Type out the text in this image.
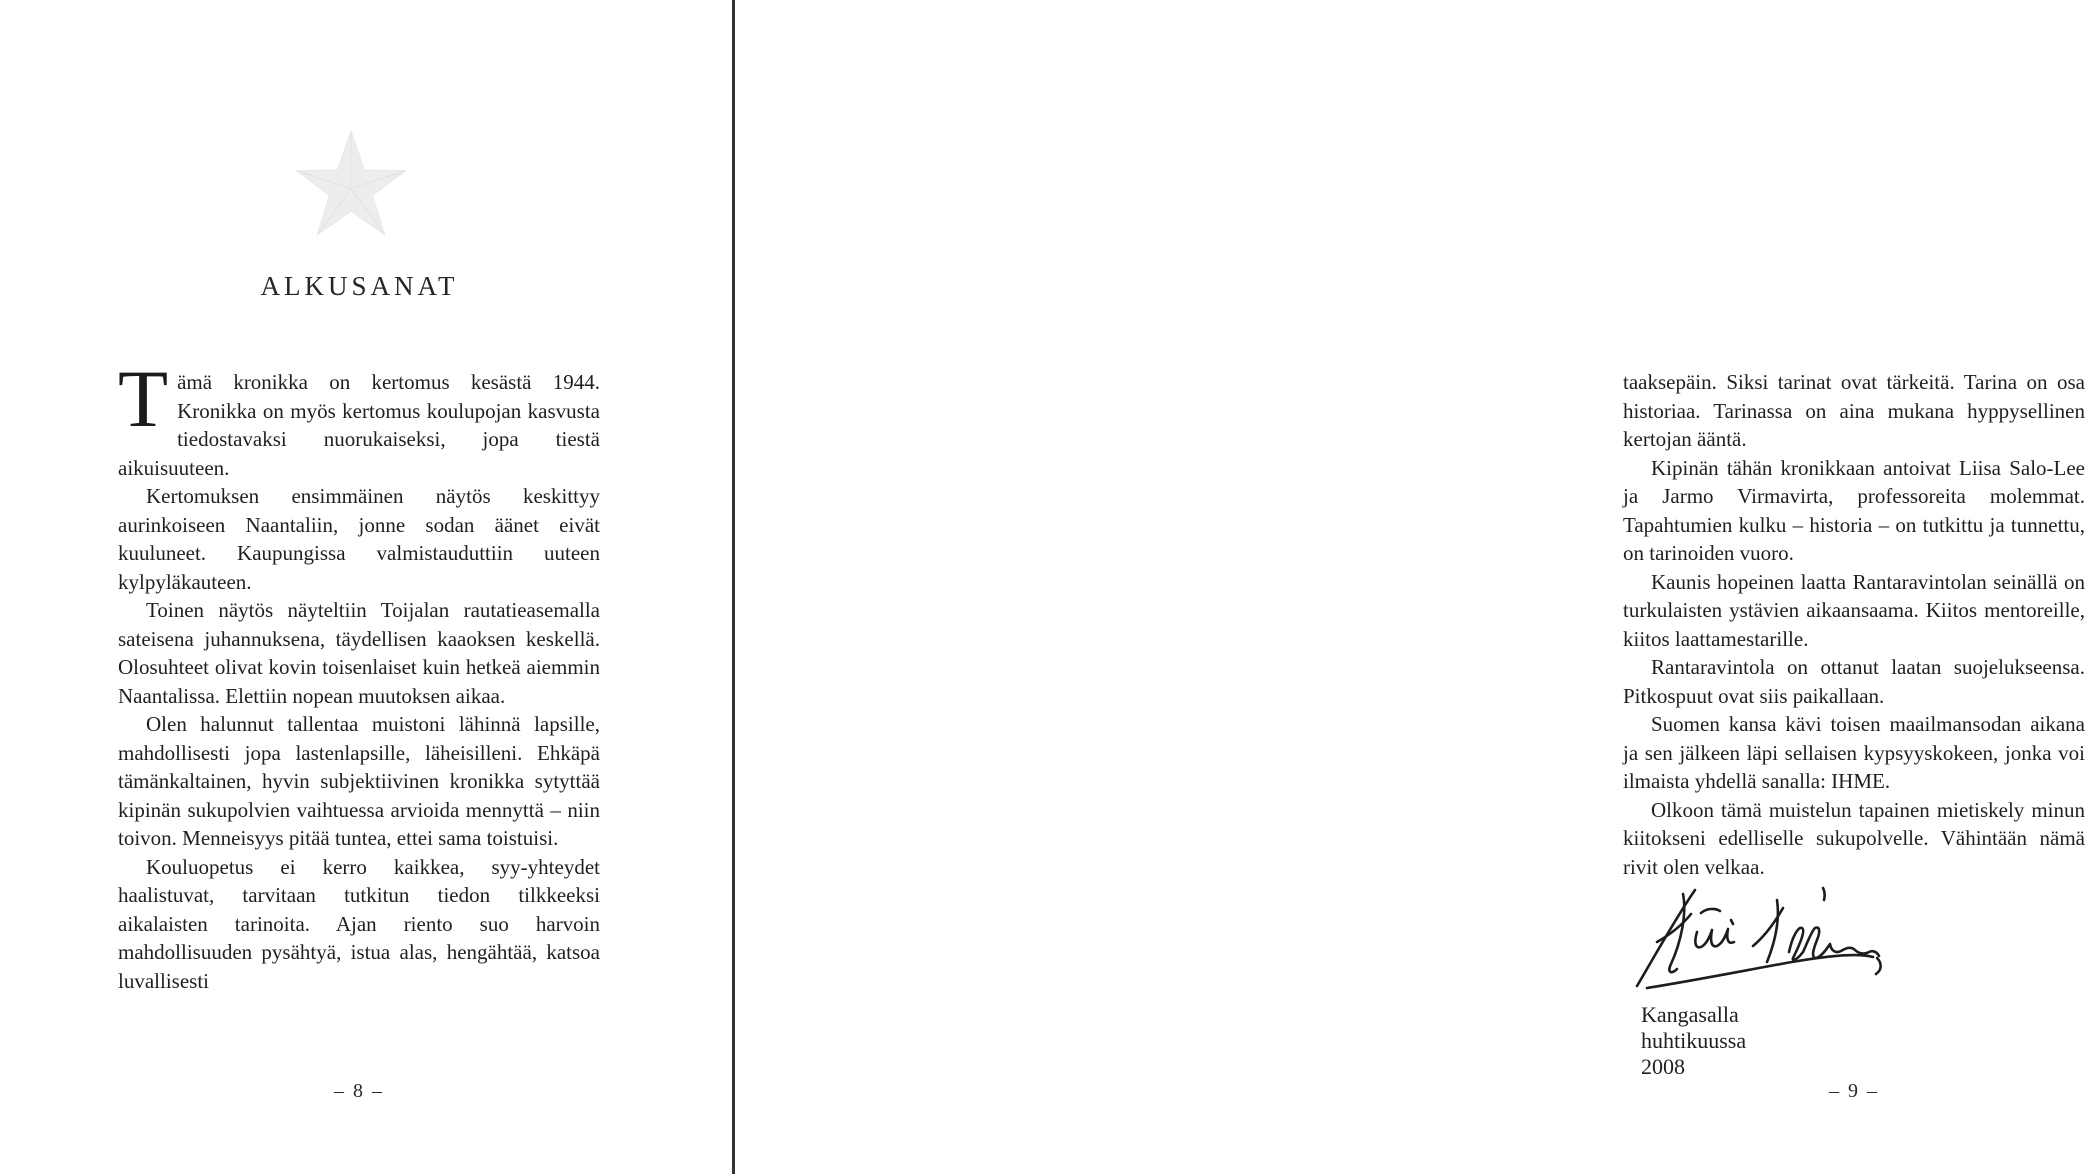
ALKUSANAT

Tämä kronikka on kertomus kesästä 1944. Kronikka on myös kertomus koulupojan kasvusta tiedostavaksi nuorukaiseksi, jopa tiestä aikuisuuteen.

Kertomuksen ensimmäinen näytös keskittyy aurinkoiseen Naantaliin, jonne sodan äänet eivät kuuluneet. Kaupungissa valmistauduttiin uuteen kylpyläkauteen.

Toinen näytös näyteltiin Toijalan rautatieasemalla sateisena juhannuksena, täydellisen kaaoksen keskellä. Olosuhteet olivat kovin toisenlaiset kuin hetkeä aiemmin Naantalissa. Elettiin nopean muutoksen aikaa.

Olen halunnut tallentaa muistoni lähinnä lapsille, mahdollisesti jopa lastenlapsille, läheisilleni. Ehkäpä tämänkaltainen, hyvin subjektiivinen kronikka sytyttää kipinän sukupolvien vaihtuessa arvioida mennyttä – niin toivon. Menneisyys pitää tuntea, ettei sama toistuisi.

Kouluopetus ei kerro kaikkea, syy-yhteydet haalistuvat, tarvitaan tutkitun tiedon tilkkeeksi aikalaisten tarinoita. Ajan riento suo harvoin mahdollisuuden pysähtyä, istua alas, hengähtää, katsoa luvallisesti

– 8 –

taaksepäin. Siksi tarinat ovat tärkeitä. Tarina on osa historiaa. Tarinassa on aina mukana hyppysellinen kertojan ääntä.

Kipinän tähän kronikkaan antoivat Liisa Salo-Lee ja Jarmo Virmavirta, professoreita molemmat. Tapahtumien kulku – historia – on tutkittu ja tunnettu, on tarinoiden vuoro.

Kaunis hopeinen laatta Rantaravintolan seinällä on turkulaisten ystävien aikaansaama. Kiitos mentoreille, kiitos laattamestarille.

Rantaravintola on ottanut laatan suojelukseensa. Pitkospuut ovat siis paikallaan.

Suomen kansa kävi toisen maailmansodan aikana ja sen jälkeen läpi sellaisen kypsyyskokeen, jonka voi ilmaista yhdellä sanalla: IHME.

Olkoon tämä muistelun tapainen mietiskely minun kiitokseni edelliselle sukupolvelle. Vähintään nämä rivit olen velkaa.

Kangasalla huhtikuussa 2008

– 9 –
